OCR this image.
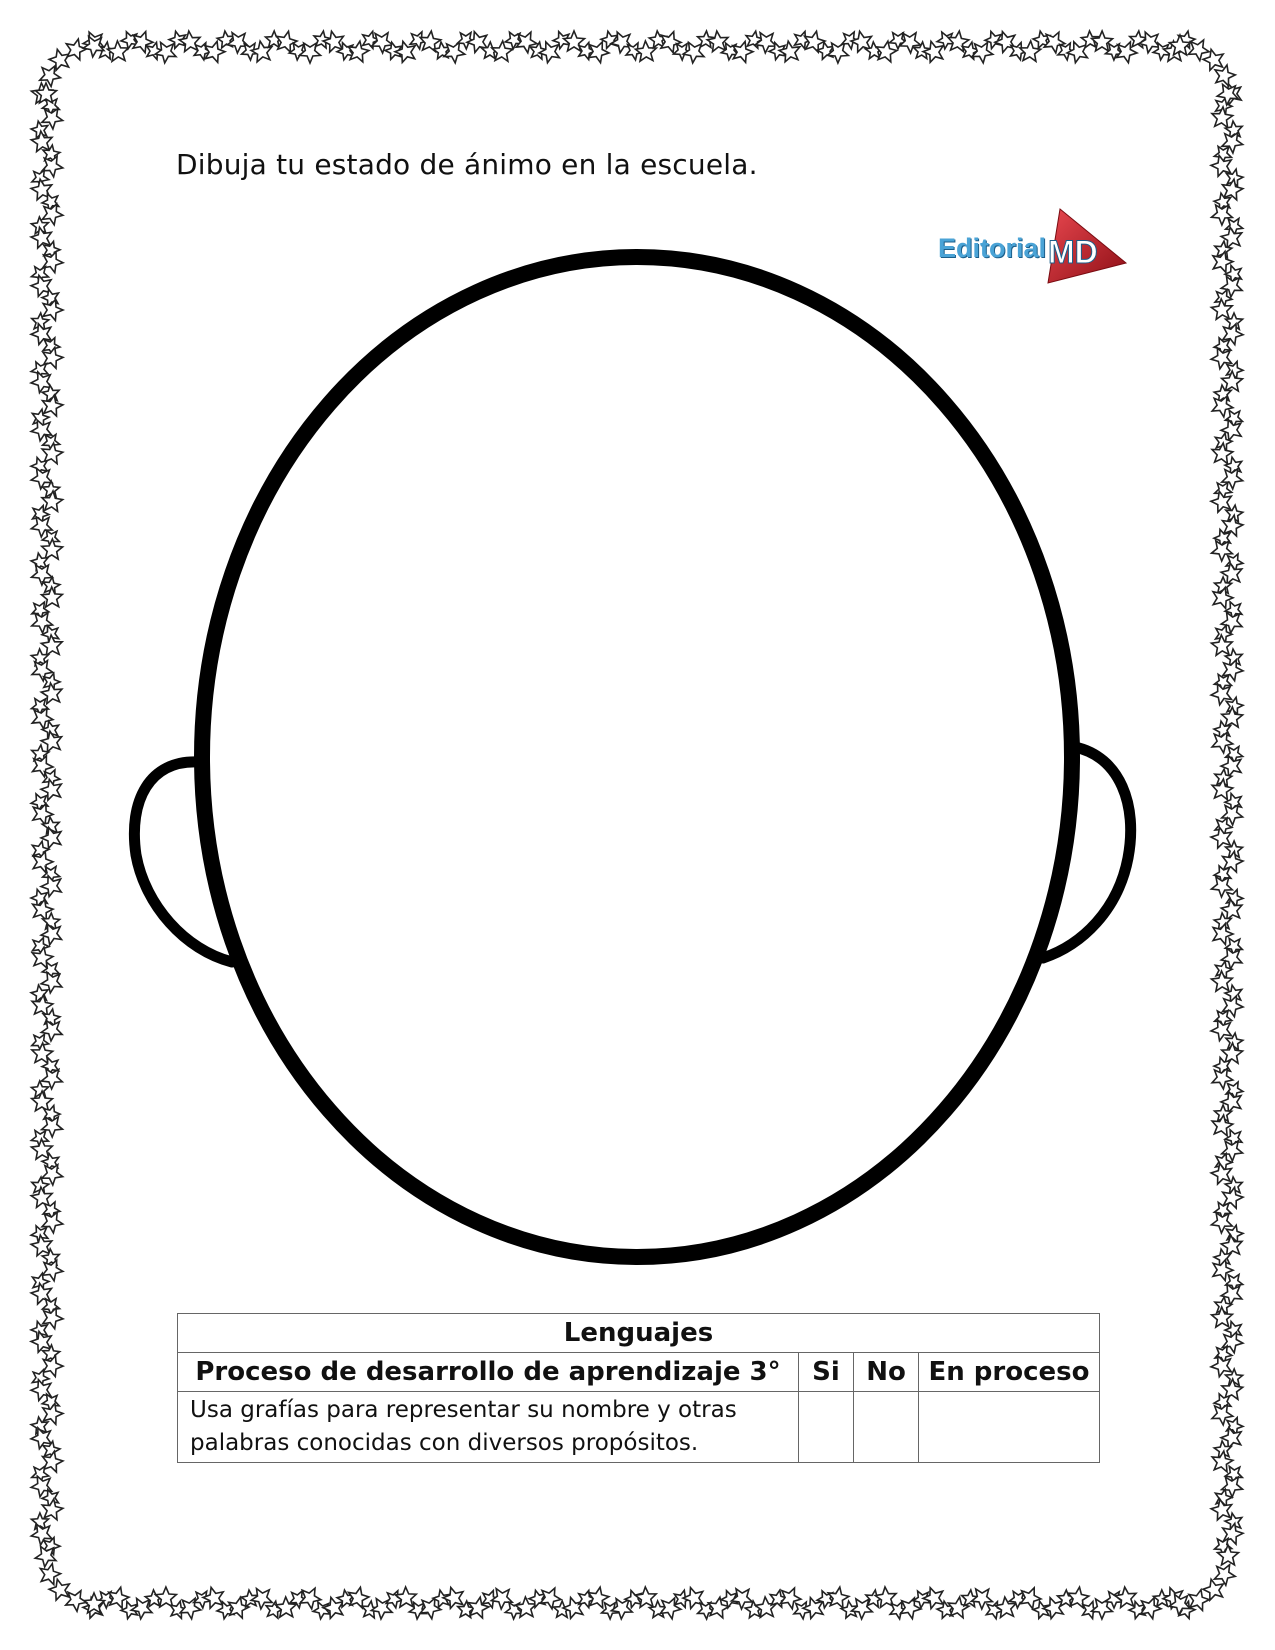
Dibuja tu estado de ánimo en la escuela.
Editorial MD
Lenguajes			
Proceso de desarrollo de aprendizaje 3°	Si	No	En proceso
Usa grafías para representar su nombre y otras palabras conocidas con diversos propósitos.			
